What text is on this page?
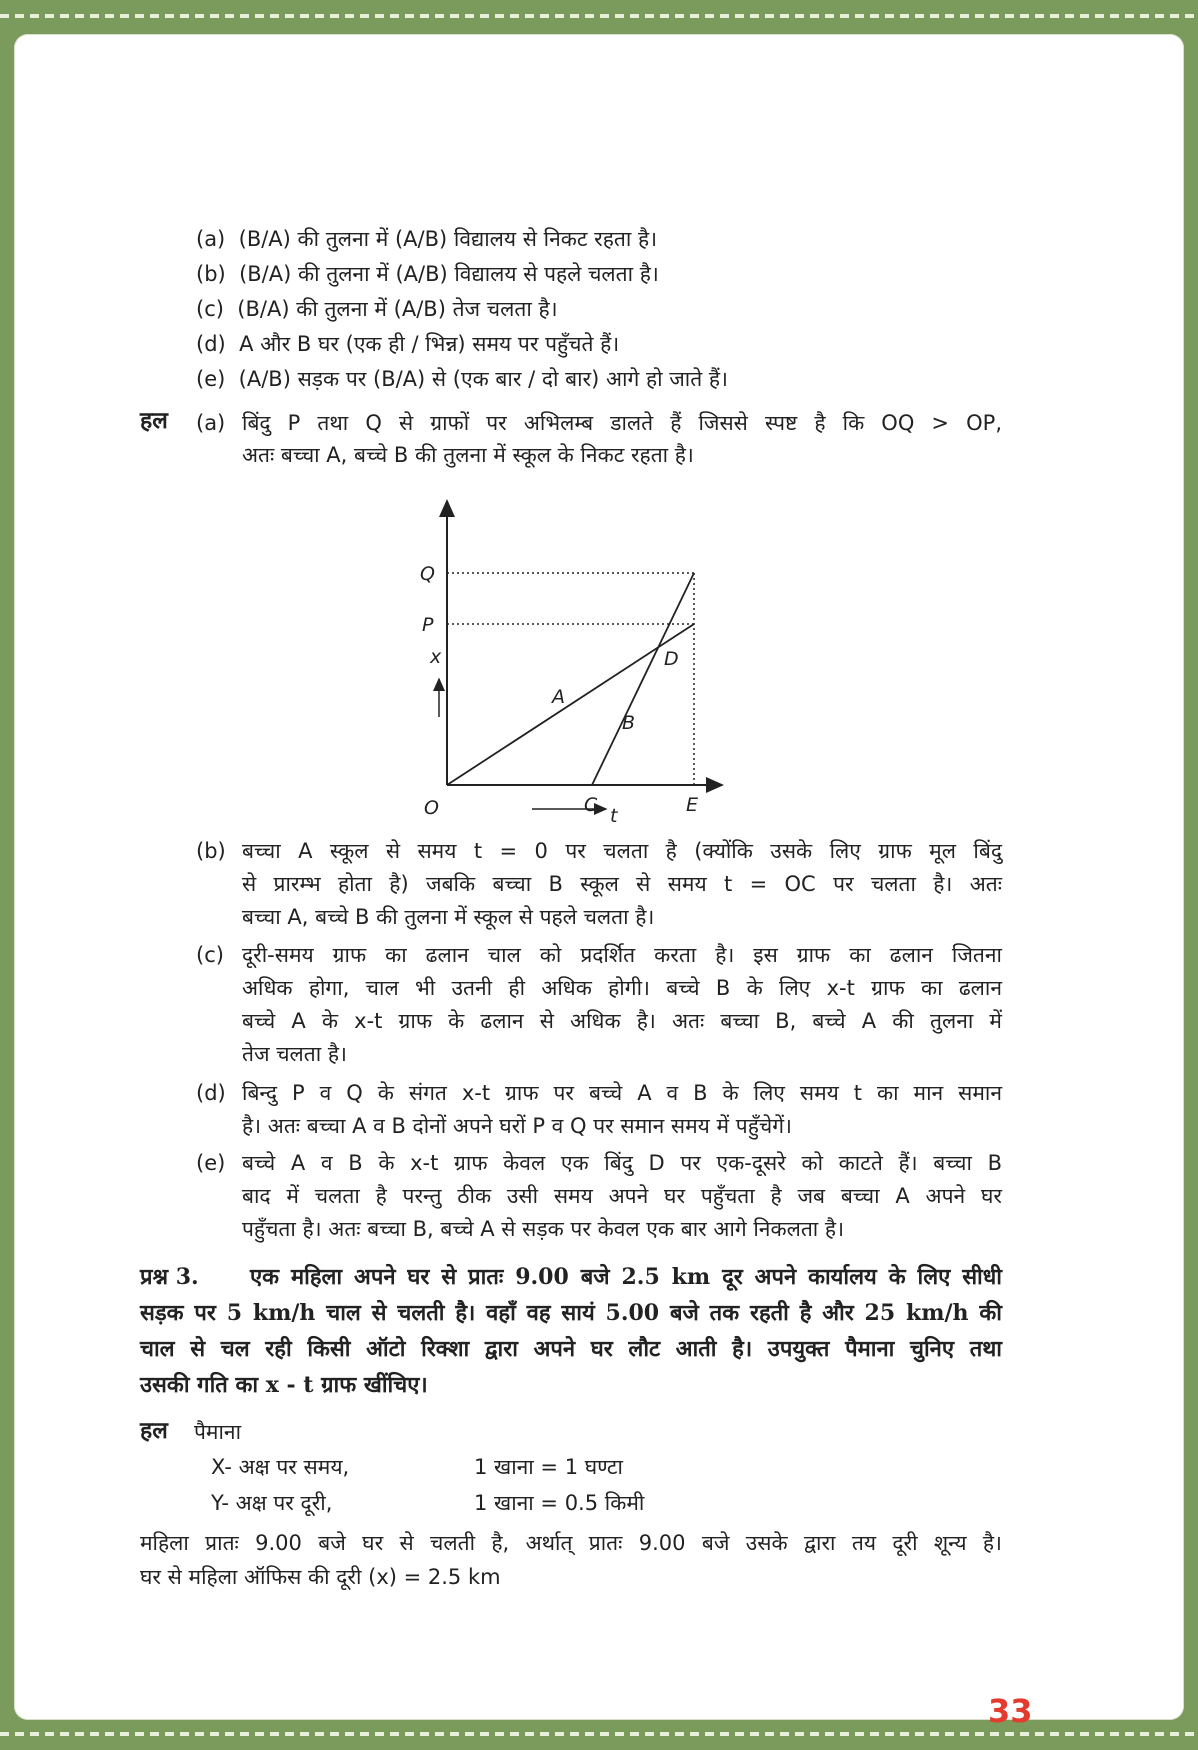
(a) (B/A) की तुलना में (A/B) विद्यालय से निकट रहता है।
(b) (B/A) की तुलना में (A/B) विद्यालय से पहले चलता है।
(c) (B/A) की तुलना में (A/B) तेज चलता है।
(d) A और B घर (एक ही / भिन्न) समय पर पहुँचते हैं।
(e) (A/B) सड़क पर (B/A) से (एक बार / दो बार) आगे हो जाते हैं।
हल (a) बिंदु P तथा Q से ग्राफों पर अभिलम्ब डालते हैं जिससे स्पष्ट है कि OQ > OP,
अतः बच्चा A, बच्चे B की तुलना में स्कूल के निकट रहता है।
Q
P
x	D
A
B
O	C	E
t
(b) बच्चा A स्कूल से समय t = 0 पर चलता है (क्योंकि उसके लिए ग्राफ मूल बिंदु
से प्रारम्भ होता है) जबकि बच्चा B स्कूल से समय t = OC पर चलता है। अतः
बच्चा A, बच्चे B की तुलना में स्कूल से पहले चलता है।
(c) दूरी-समय ग्राफ का ढलान चाल को प्रदर्शित करता है। इस ग्राफ का ढलान जितना
अधिक होगा, चाल भी उतनी ही अधिक होगी। बच्चे B के लिए x-t ग्राफ का ढलान
बच्चे A के x-t ग्राफ के ढलान से अधिक है। अतः बच्चा B, बच्चे A की तुलना में
तेज चलता है।
(d) बिन्दु P व Q के संगत x-t ग्राफ पर बच्चे A व B के लिए समय t का मान समान
है। अतः बच्चा A व B दोनों अपने घरों P व Q पर समान समय में पहुँचेगें।
(e) बच्चे A व B के x-t ग्राफ केवल एक बिंदु D पर एक-दूसरे को काटते हैं। बच्चा B
बाद में चलता है परन्तु ठीक उसी समय अपने घर पहुँचता है जब बच्चा A अपने घर
पहुँचता है। अतः बच्चा B, बच्चे A से सड़क पर केवल एक बार आगे निकलता है।
प्रश्न 3. एक महिला अपने घर से प्रातः 9.00 बजे 2.5 km दूर अपने कार्यालय के लिए सीधी
सड़क पर 5 km/h चाल से चलती है। वहाँ वह सायं 5.00 बजे तक रहती है और 25 km/h की
चाल से चल रही किसी ऑटो रिक्शा द्वारा अपने घर लौट आती है। उपयुक्त पैमाना चुनिए तथा
उसकी गति का x - t ग्राफ खींचिए।
हल पैमाना
X- अक्ष पर समय,	1 खाना = 1 घण्टा
Y- अक्ष पर दूरी,	1 खाना = 0.5 किमी
महिला प्रातः 9.00 बजे घर से चलती है, अर्थात् प्रातः 9.00 बजे उसके द्वारा तय दूरी शून्य है।
घर से महिला ऑफिस की दूरी (x) = 2.5 km
33
